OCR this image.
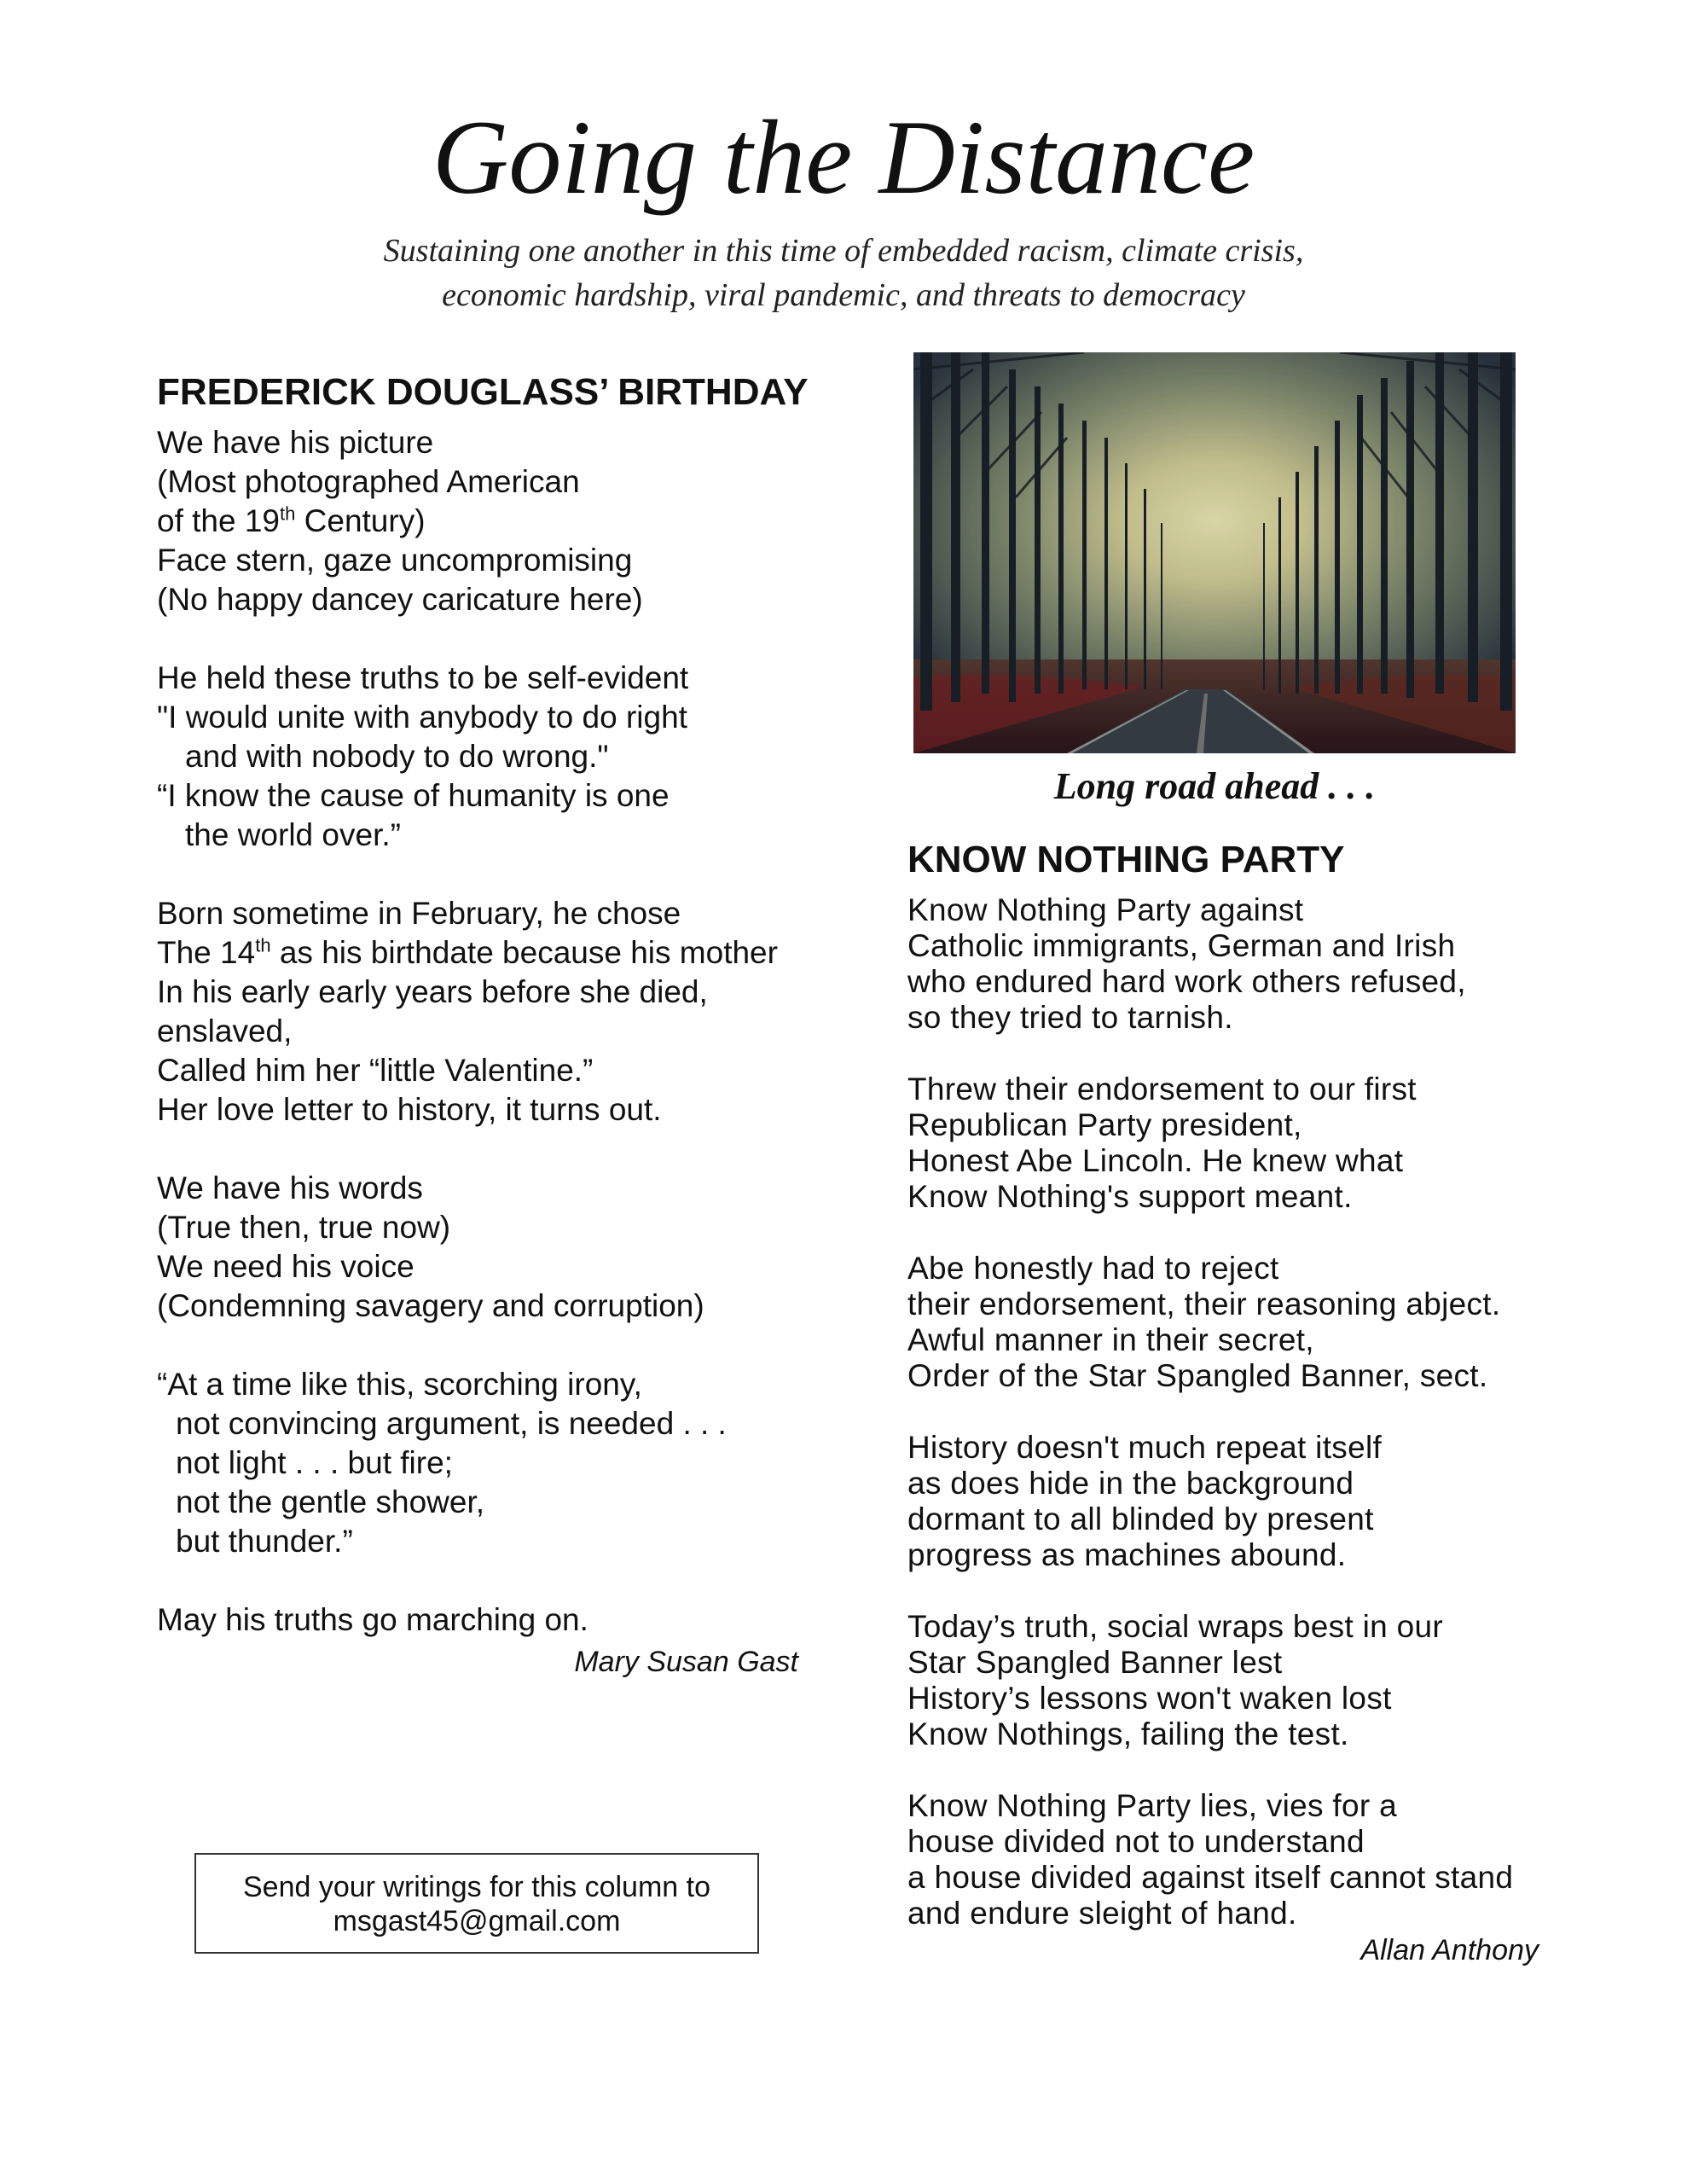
Going the Distance
Sustaining one another in this time of embedded racism, climate crisis,
economic hardship, viral pandemic, and threats to democracy
FREDERICK DOUGLASS’ BIRTHDAY
We have his picture
(Most photographed American
of the 19th Century)
Face stern, gaze uncompromising
(No happy dancey caricature here)
He held these truths to be self-evident
"I would unite with anybody to do right
and with nobody to do wrong."
“I know the cause of humanity is one
the world over.”
Born sometime in February, he chose
The 14th as his birthdate because his mother
In his early early years before she died,
enslaved,
Called him her “little Valentine.”
Her love letter to history, it turns out.
We have his words
(True then, true now)
We need his voice
(Condemning savagery and corruption)
“At a time like this, scorching irony,
not convincing argument, is needed . . .
not light . . . but fire;
not the gentle shower,
but thunder.”
May his truths go marching on.
Mary Susan Gast
Long road ahead . . .
KNOW NOTHING PARTY
Know Nothing Party against
Catholic immigrants, German and Irish
who endured hard work others refused,
so they tried to tarnish.
Threw their endorsement to our first
Republican Party president,
Honest Abe Lincoln. He knew what
Know Nothing's support meant.
Abe honestly had to reject
their endorsement, their reasoning abject.
Awful manner in their secret,
Order of the Star Spangled Banner, sect.
History doesn't much repeat itself
as does hide in the background
dormant to all blinded by present
progress as machines abound.
Today’s truth, social wraps best in our
Star Spangled Banner lest
History’s lessons won't waken lost
Know Nothings, failing the test.
Know Nothing Party lies, vies for a
house divided not to understand
a house divided against itself cannot stand
and endure sleight of hand.
Allan Anthony
Send your writings for this column to
msgast45@gmail.com
